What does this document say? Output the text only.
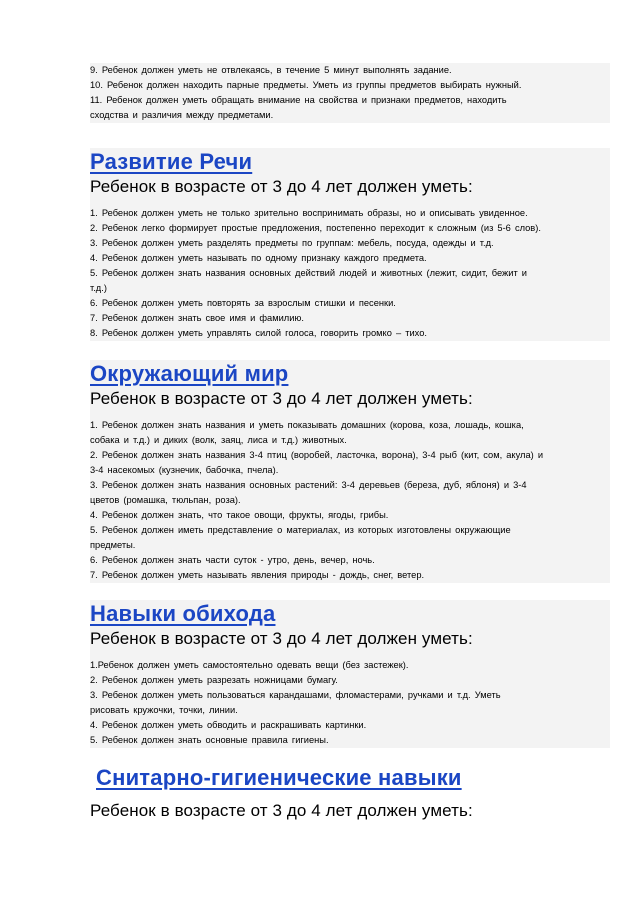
9. Ребенок должен уметь не отвлекаясь, в течение 5 минут выполнять задание.

10. Ребенок должен находить парные предметы. Уметь из группы предметов выбирать нужный.

11. Ребенок должен уметь обращать внимание на свойства и признаки предметов, находить

сходства и различия между предметами.

Развитие Речи

Ребенок в возрасте от 3 до 4 лет должен уметь:

1. Ребенок должен уметь не только зрительно воспринимать образы, но и описывать увиденное.

2. Ребенок легко формирует простые предложения, постепенно переходит к сложным (из 5-6 слов).

3. Ребенок должен уметь разделять предметы по группам: мебель, посуда, одежды и т.д.

4. Ребенок должен уметь называть по одному признаку каждого предмета.

5. Ребенок должен знать названия основных действий людей и животных (лежит, сидит, бежит и

т.д.)

6. Ребенок должен уметь повторять за взрослым стишки и песенки.

7. Ребенок должен знать свое имя и фамилию.

8. Ребенок должен уметь управлять силой голоса, говорить громко – тихо.

Окружающий мир

Ребенок в возрасте от 3 до 4 лет должен уметь:

1. Ребенок должен знать названия и уметь показывать домашних (корова, коза, лошадь, кошка,

собака и т.д.) и диких (волк, заяц, лиса и т.д.) животных.

2. Ребенок должен знать названия 3-4 птиц (воробей, ласточка, ворона), 3-4 рыб (кит, сом, акула) и

3-4 насекомых (кузнечик, бабочка, пчела).

3. Ребенок должен знать названия основных растений: 3-4 деревьев (береза, дуб, яблоня) и 3-4

цветов (ромашка, тюльпан, роза).

4. Ребенок должен знать, что такое овощи, фрукты, ягоды, грибы.

5. Ребенок должен иметь представление о материалах, из которых изготовлены окружающие

предметы.

6. Ребенок должен знать части суток - утро, день, вечер, ночь.

7. Ребенок должен уметь называть явления природы - дождь, снег, ветер.

Навыки обихода

Ребенок в возрасте от 3 до 4 лет должен уметь:

1.Ребенок должен уметь самостоятельно одевать вещи (без застежек).

2. Ребенок должен уметь разрезать ножницами бумагу.

3. Ребенок должен уметь пользоваться карандашами, фломастерами, ручками и т.д. Уметь

рисовать кружочки, точки, линии.

4. Ребенок должен уметь обводить и раскрашивать картинки.

5. Ребенок должен знать основные правила гигиены.

Снитарно-гигиенические навыки

Ребенок в возрасте от 3 до 4 лет должен уметь:
